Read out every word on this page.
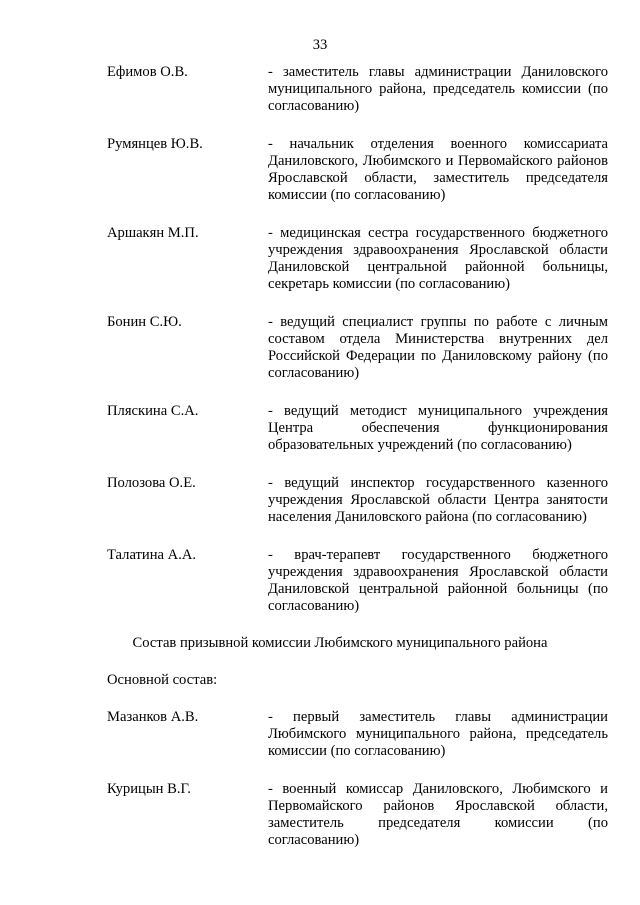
33
Ефимов О.В.	- заместитель главы администрации Даниловского муниципального района, председатель комиссии (по согласованию)
Румянцев Ю.В.	- начальник отделения военного комиссариата Даниловского, Любимского и Первомайского районов Ярославской области, заместитель председателя комиссии (по согласованию)
Аршакян М.П.	- медицинская сестра государственного бюджетного учреждения здравоохранения Ярославской области Даниловской центральной районной больницы, секретарь комиссии (по согласованию)
Бонин С.Ю.	- ведущий специалист группы по работе с личным составом отдела Министерства внутренних дел Российской Федерации по Даниловскому району (по согласованию)
Пляскина С.А.	- ведущий методист муниципального учреждения Центра обеспечения функционирования образовательных учреждений (по согласованию)
Полозова О.Е.	- ведущий инспектор государственного казенного учреждения Ярославской области Центра занятости населения Даниловского района (по согласованию)
Талатина А.А.	- врач-терапевт государственного бюджетного учреждения здравоохранения Ярославской области Даниловской центральной районной больницы (по согласованию)
Состав призывной комиссии Любимского муниципального района
Основной состав:
Мазанков А.В.	- первый заместитель главы администрации Любимского муниципального района, председатель комиссии (по согласованию)
Курицын В.Г.	- военный комиссар Даниловского, Любимского и Первомайского районов Ярославской области, заместитель председателя комиссии (по согласованию)
